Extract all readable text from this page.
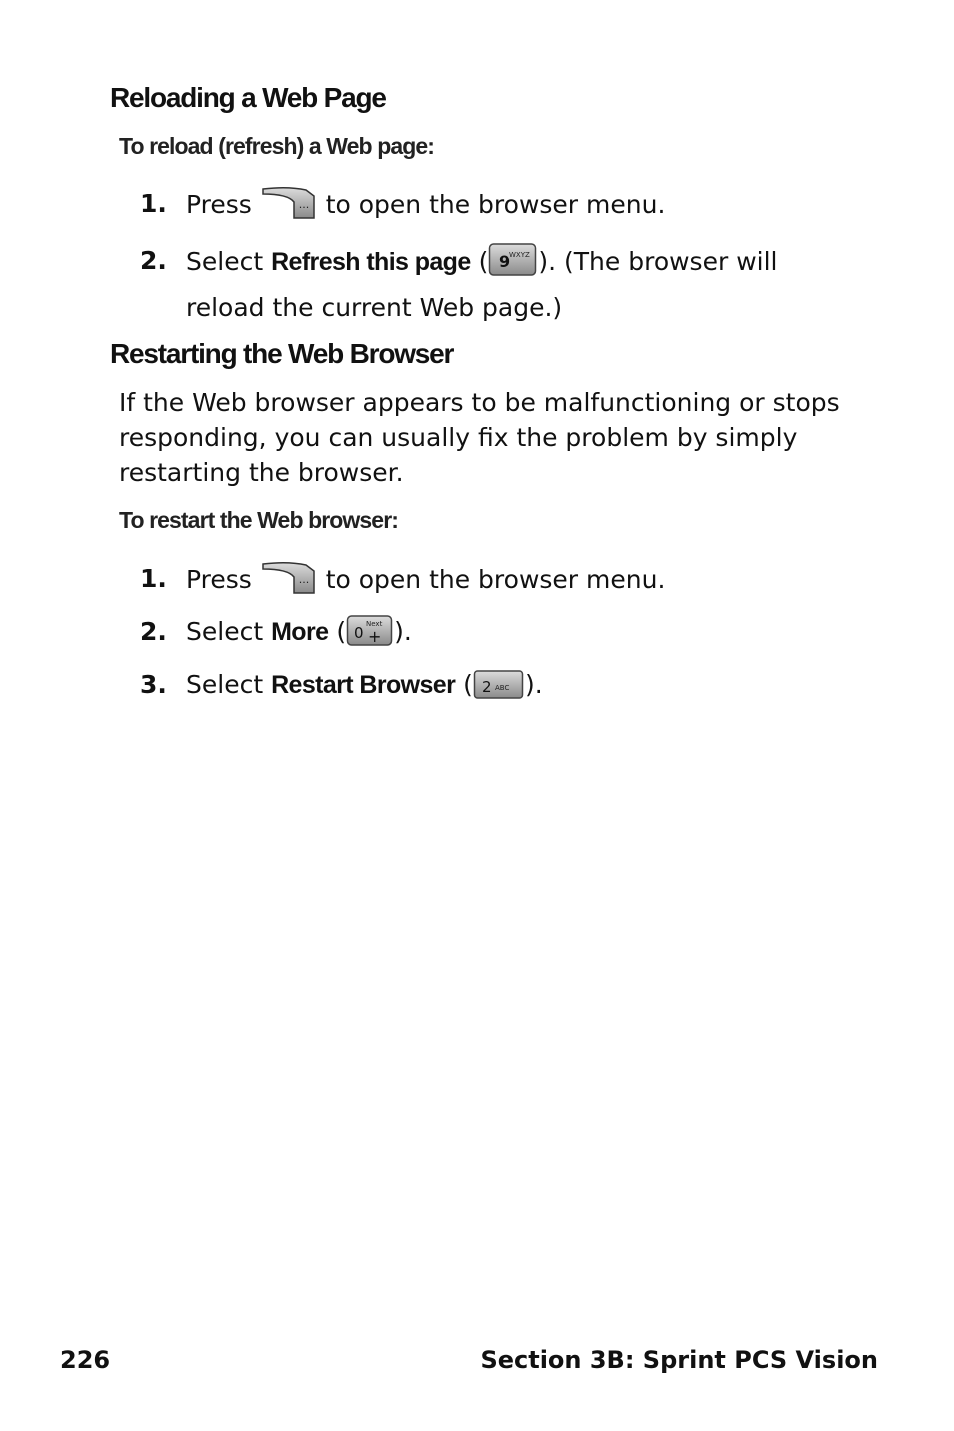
Reloading a Web Page
To reload (refresh) a Web page:
1. Press	··· to open the browser menu.
2. Select Refresh this page ( 9
WXYZ ). (The browser will reload the current Web page.)
Restarting the Web Browser

If the Web browser appears to be malfunctioning or stops responding, you can usually fix the problem by simply restarting the browser.

To restart the Web browser:
1. Press	··· to open the browser menu.
2. Select More ( 0 Next
+ ).
3. Select Restart Browser ( 2 ABC ).
226	Section 3B: Sprint PCS Vision
